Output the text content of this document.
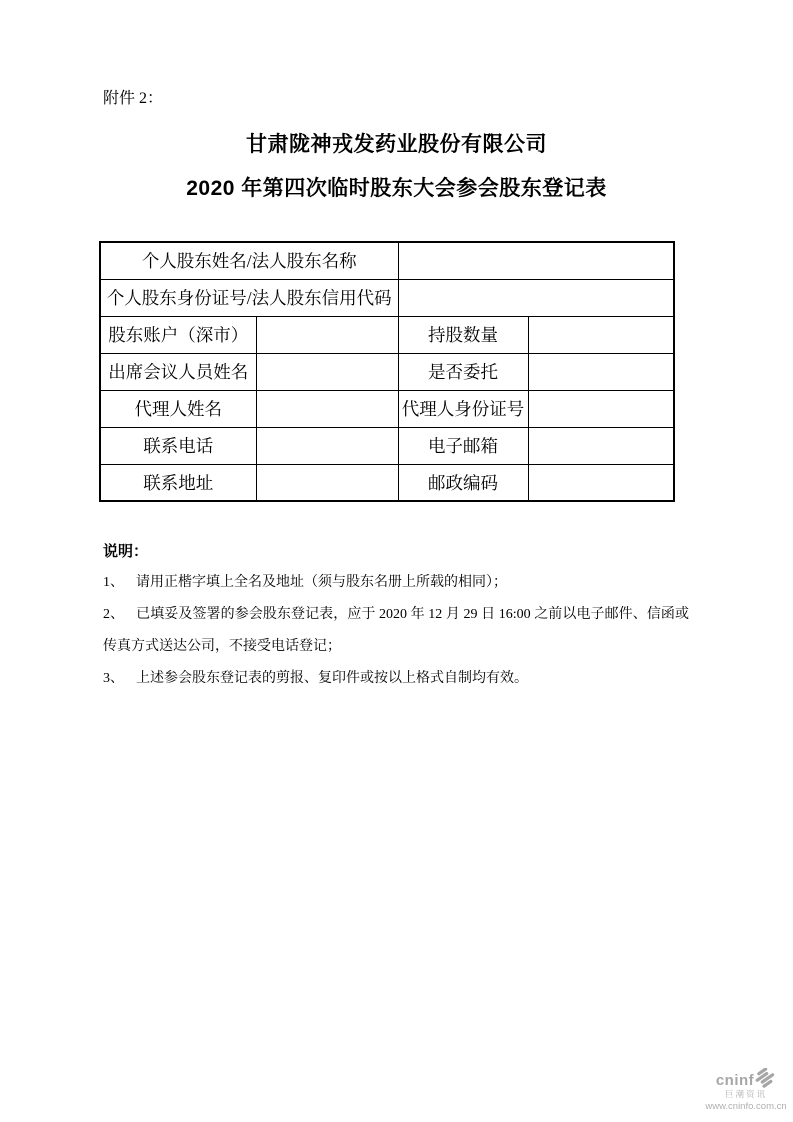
附件 2：
甘肃陇神戎发药业股份有限公司
2020 年第四次临时股东大会参会股东登记表
个人股东姓名/法人股东名称			
个人股东身份证号/法人股东信用代码			
股东账户（深市）		持股数量	
出席会议人员姓名		是否委托	
代理人姓名		代理人身份证号	
联系电话		电子邮箱	
联系地址		邮政编码	
说明：

1、 请用正楷字填上全名及地址（须与股东名册上所载的相同）；

2、 已填妥及签署的参会股东登记表，应于 2020 年 12 月 29 日 16:00 之前以电子邮件、信函或传真方式送达公司，不接受电话登记；

3、 上述参会股东登记表的剪报、复印件或按以上格式自制均有效。

cninf
巨潮资讯
www.cninfo.com.cn
